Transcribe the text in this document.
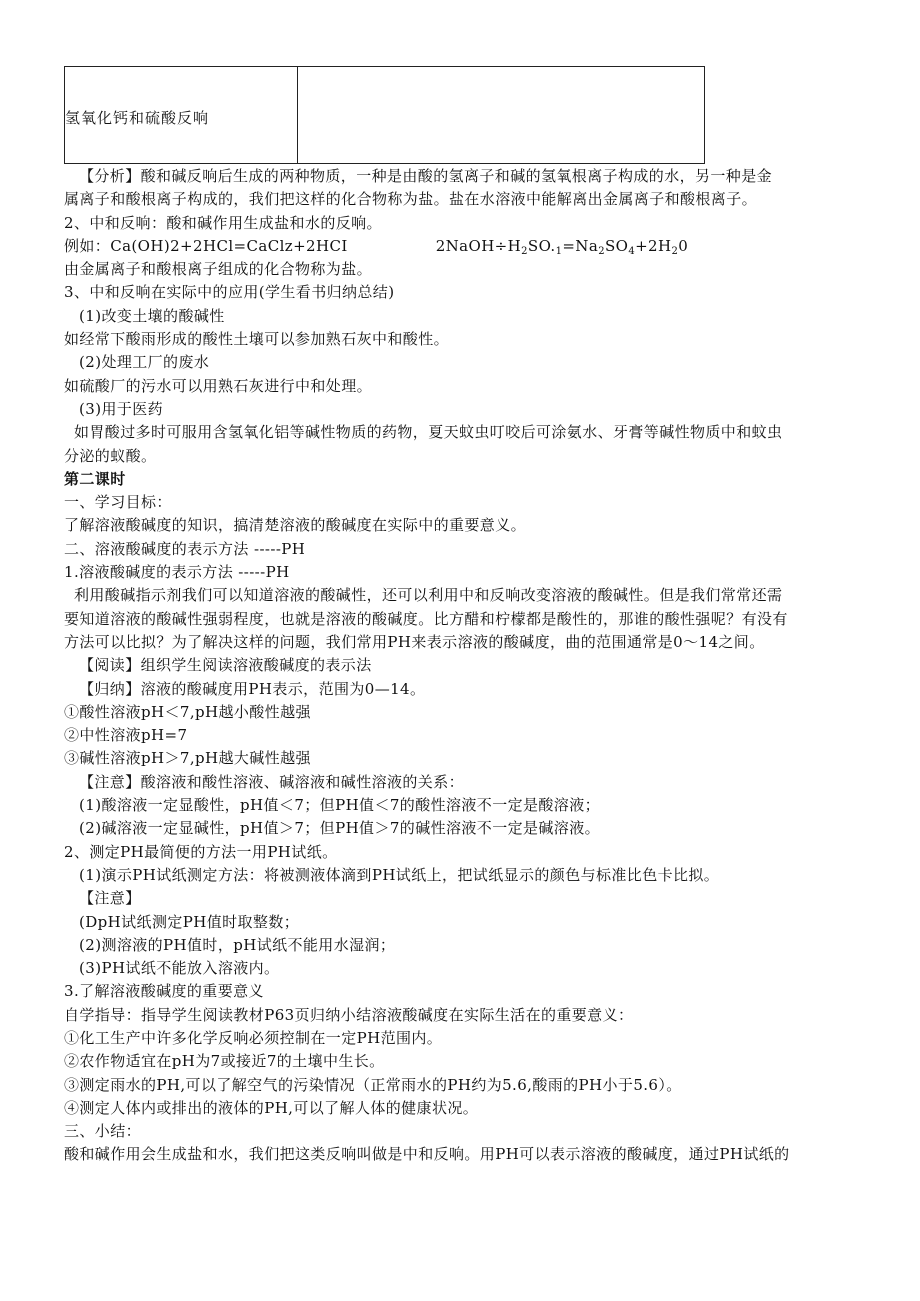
氢氧化钙和硫酸反响	
【分析】酸和碱反响后生成的两种物质，一种是由酸的氢离子和碱的氢氧根离子构成的水，另一种是金
属离子和酸根离子构成的，我们把这样的化合物称为盐。盐在水溶液中能解离出金属离子和酸根离子。
2、中和反响：酸和碱作用生成盐和水的反响。
例如：Ca(OH)2+2HCl=CaClz+2HCI	$2NaOH\div H_2SO._1=Na_2SO_4+2H_20$
由金属离子和酸根离子组成的化合物称为盐。
3、中和反响在实际中的应用(学生看书归纳总结)
(1)改变土壤的酸碱性
如经常下酸雨形成的酸性土壤可以参加熟石灰中和酸性。
(2)处理工厂的废水
如硫酸厂的污水可以用熟石灰进行中和处理。
(3)用于医药
如胃酸过多时可服用含氢氧化铝等碱性物质的药物，夏天蚊虫叮咬后可涂氨水、牙膏等碱性物质中和蚊虫
分泌的蚁酸。
第二课时
一、学习目标：
了解溶液酸碱度的知识，搞清楚溶液的酸碱度在实际中的重要意义。
二、溶液酸碱度的表示方法 -----PH
1.溶液酸碱度的表示方法 -----PH
利用酸碱指示剂我们可以知道溶液的酸碱性，还可以利用中和反响改变溶液的酸碱性。但是我们常常还需
要知道溶液的酸碱性强弱程度，也就是溶液的酸碱度。比方醋和柠檬都是酸性的，那谁的酸性强呢？有没有
方法可以比拟？为了解决这样的问题，我们常用PH来表示溶液的酸碱度，曲的范围通常是0～14之间。
【阅读】组织学生阅读溶液酸碱度的表示法
【归纳】溶液的酸碱度用PH表示，范围为0—14。
①酸性溶液pH＜7,pH越小酸性越强
②中性溶液pH=7
③碱性溶液pH＞7,pH越大碱性越强
【注意】酸溶液和酸性溶液、碱溶液和碱性溶液的关系：
(1)酸溶液一定显酸性，pH值＜7；但PH值＜7的酸性溶液不一定是酸溶液；
(2)碱溶液一定显碱性，pH值＞7；但PH值＞7的碱性溶液不一定是碱溶液。
2、测定PH最简便的方法一用PH试纸。
(1)演示PH试纸测定方法：将被测液体滴到PH试纸上，把试纸显示的颜色与标准比色卡比拟。
【注意】
(DpH试纸测定PH值时取整数；
(2)测溶液的PH值时，pH试纸不能用水湿润；
(3)PH试纸不能放入溶液内。
3.了解溶液酸碱度的重要意义
自学指导：指导学生阅读教材P63页归纳小结溶液酸碱度在实际生活在的重要意义：
①化工生产中许多化学反响必须控制在一定PH范围内。
②农作物适宜在pH为7或接近7的土壤中生长。
③测定雨水的PH,可以了解空气的污染情况（正常雨水的PH约为5.6,酸雨的PH小于5.6）。
④测定人体内或排出的液体的PH,可以了解人体的健康状况。
三、小结：
酸和碱作用会生成盐和水，我们把这类反响叫做是中和反响。用PH可以表示溶液的酸碱度，通过PH试纸的
